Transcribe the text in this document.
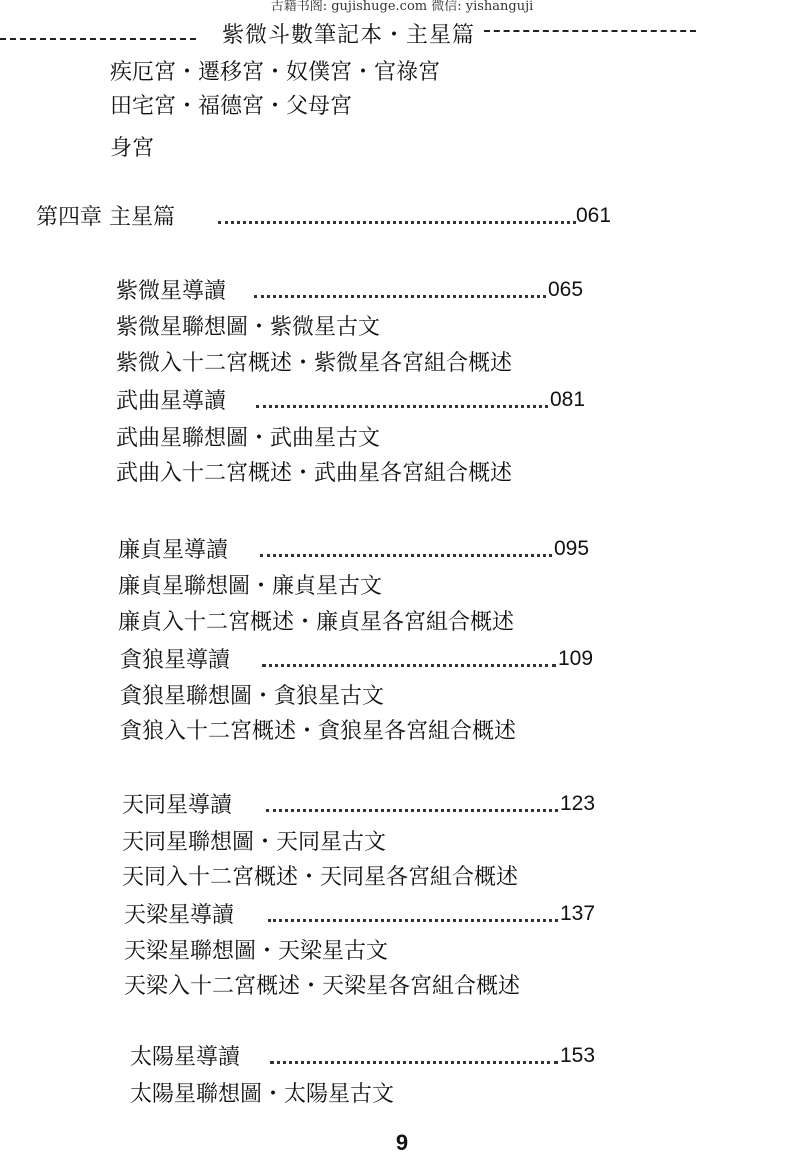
古籍书阁: gujishuge.com 微信: yishanguji
紫微斗數筆記本・主星篇
疾厄宮・遷移宮・奴僕宮・官祿宮
田宅宮・福德宮・父母宮
身宮
第四章 主星篇	061
紫微星導讀	065
紫微星聯想圖・紫微星古文
紫微入十二宮概述・紫微星各宮組合概述
武曲星導讀	081
武曲星聯想圖・武曲星古文
武曲入十二宮概述・武曲星各宮組合概述
廉貞星導讀	095
廉貞星聯想圖・廉貞星古文
廉貞入十二宮概述・廉貞星各宮組合概述
貪狼星導讀	109
貪狼星聯想圖・貪狼星古文
貪狼入十二宮概述・貪狼星各宮組合概述
天同星導讀	123
天同星聯想圖・天同星古文
天同入十二宮概述・天同星各宮組合概述
天梁星導讀	137
天梁星聯想圖・天梁星古文
天梁入十二宮概述・天梁星各宮組合概述
太陽星導讀	153
太陽星聯想圖・太陽星古文
9
